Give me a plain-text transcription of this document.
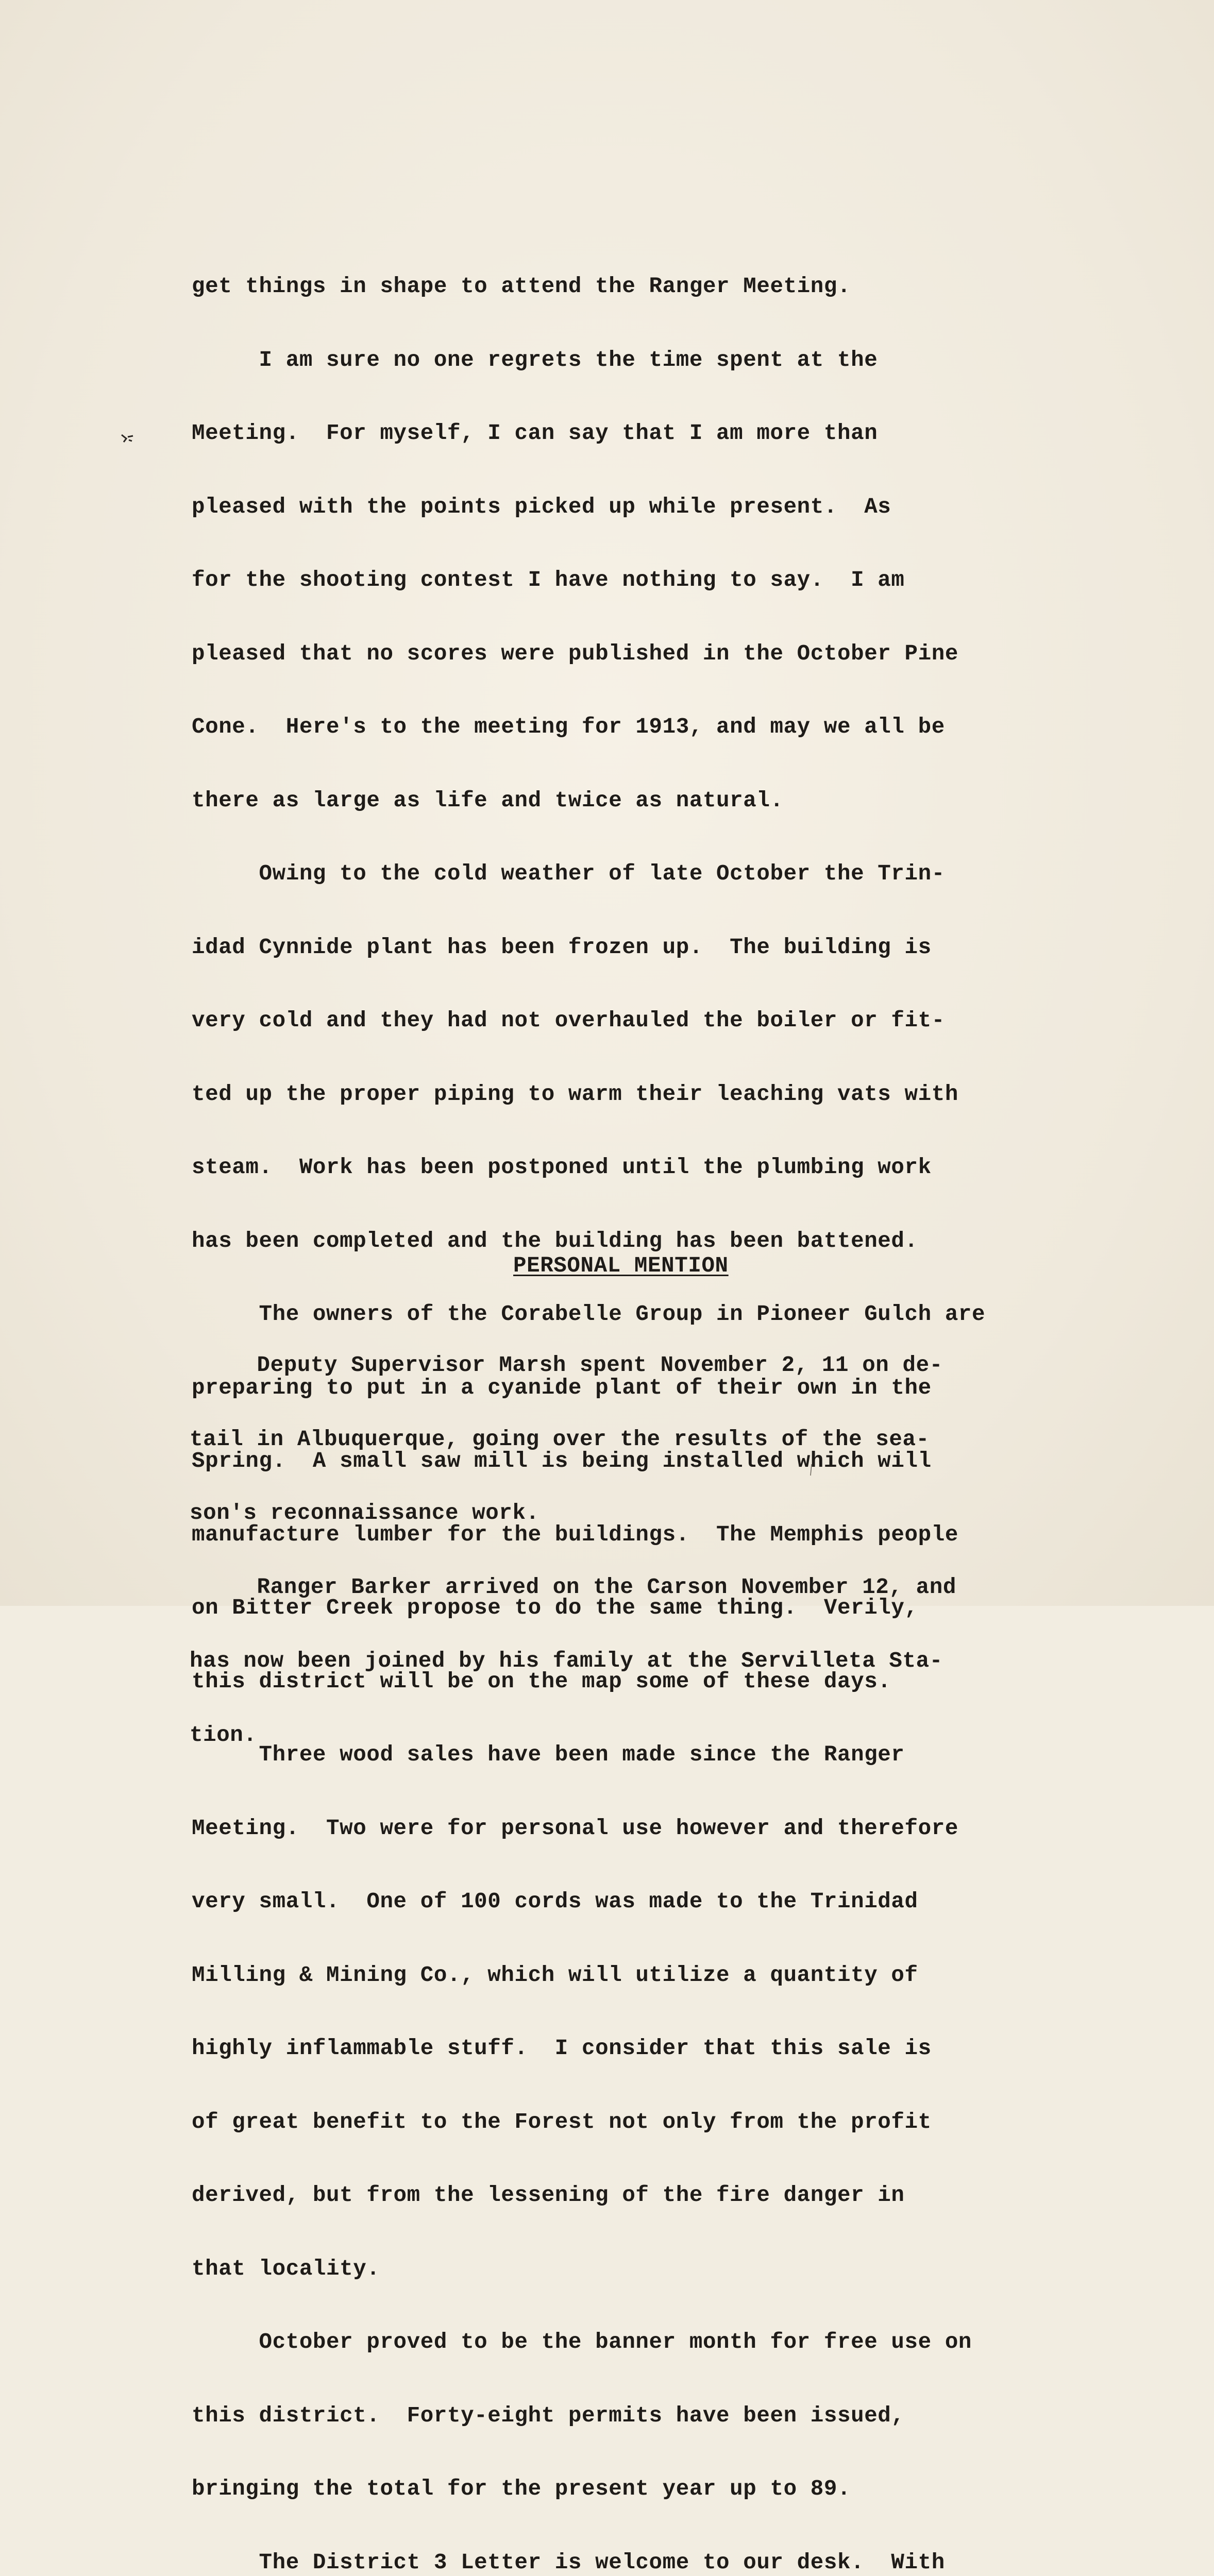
get things in shape to attend the Ranger Meeting.

I am sure no one regrets the time spent at the

Meeting.  For myself, I can say that I am more than

pleased with the points picked up while present.  As

for the shooting contest I have nothing to say.  I am

pleased that no scores were published in the October Pine

Cone.  Here's to the meeting for 1913, and may we all be

there as large as life and twice as natural.

Owing to the cold weather of late October the Trin-

idad Cynnide plant has been frozen up.  The building is

very cold and they had not overhauled the boiler or fit-

ted up the proper piping to warm their leaching vats with

steam.  Work has been postponed until the plumbing work

has been completed and the building has been battened.

The owners of the Corabelle Group in Pioneer Gulch are

preparing to put in a cyanide plant of their own in the

Spring.  A small saw mill is being installed which will

manufacture lumber for the buildings.  The Memphis people

on Bitter Creek propose to do the same thing.  Verily,

this district will be on the map some of these days.

Three wood sales have been made since the Ranger

Meeting.  Two were for personal use however and therefore

very small.  One of 100 cords was made to the Trinidad

Milling & Mining Co., which will utilize a quantity of

highly inflammable stuff.  I consider that this sale is

of great benefit to the Forest not only from the profit

derived, but from the lessening of the fire danger in

that locality.

October proved to be the banner month for free use on

this district.  Forty-eight permits have been issued,

bringing the total for the present year up to 89.

The District 3 Letter is welcome to our desk.  With

PERSONAL MENTION

Deputy Supervisor Marsh spent November 2, 11 on de-

tail in Albuquerque, going over the results of the sea-

son's reconnaissance work.

Ranger Barker arrived on the Carson November 12, and

has now been joined by his family at the Servilleta Sta-

tion.
